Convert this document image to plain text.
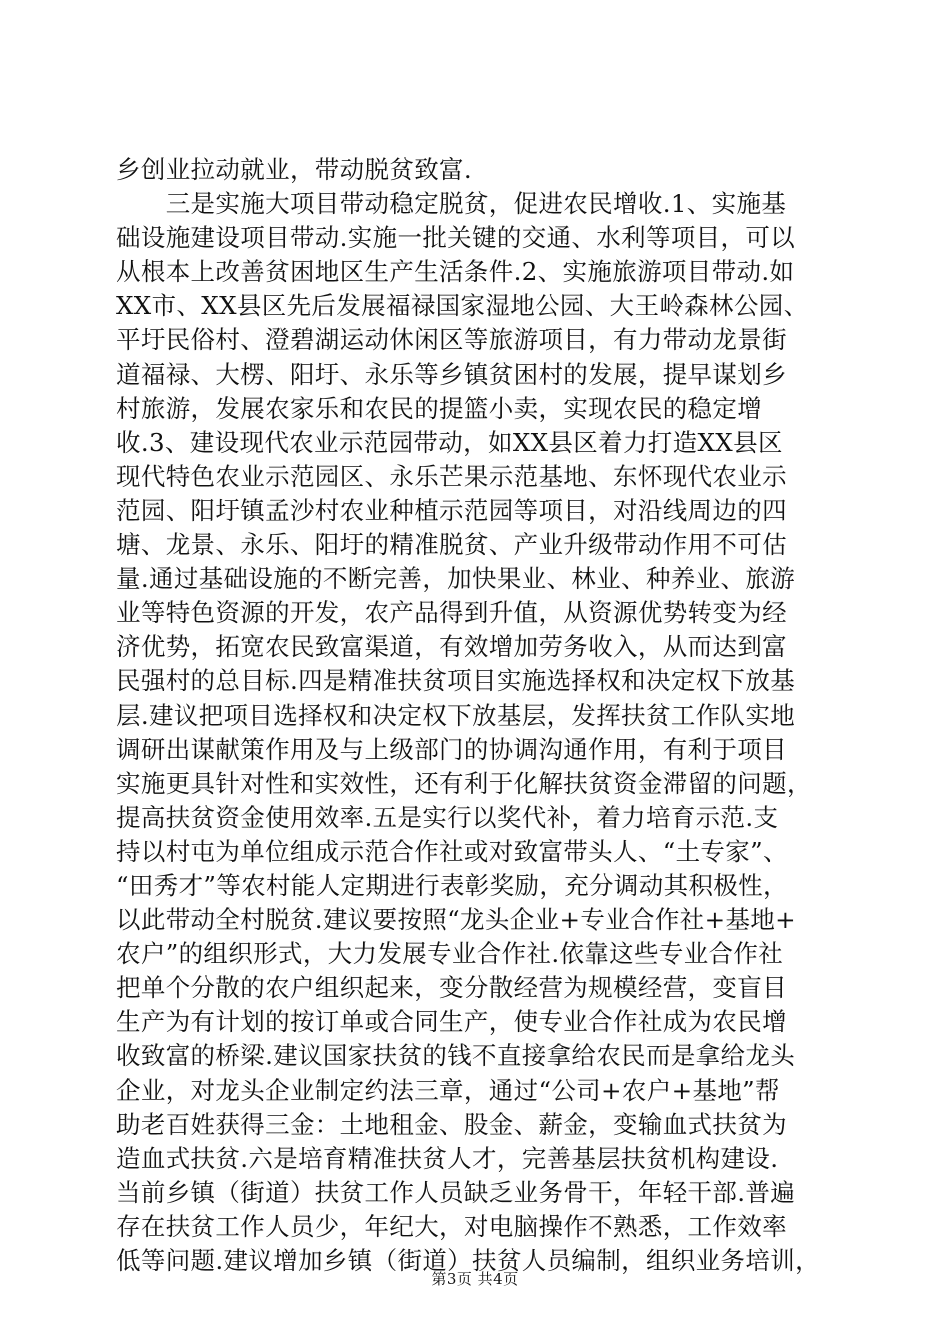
乡创业拉动就业，带动脱贫致富.
　　三是实施大项目带动稳定脱贫，促进农民增收.1、实施基
础设施建设项目带动.实施一批关键的交通、水利等项目，可以
从根本上改善贫困地区生产生活条件.2、实施旅游项目带动.如
XX市、XX县区先后发展福禄国家湿地公园、大王岭森林公园、
平圩民俗村、澄碧湖运动休闲区等旅游项目，有力带动龙景街
道福禄、大楞、阳圩、永乐等乡镇贫困村的发展，提早谋划乡
村旅游，发展农家乐和农民的提篮小卖，实现农民的稳定增
收.3、建设现代农业示范园带动，如XX县区着力打造XX县区
现代特色农业示范园区、永乐芒果示范基地、东怀现代农业示
范园、阳圩镇孟沙村农业种植示范园等项目，对沿线周边的四
塘、龙景、永乐、阳圩的精准脱贫、产业升级带动作用不可估
量.通过基础设施的不断完善，加快果业、林业、种养业、旅游
业等特色资源的开发，农产品得到升值，从资源优势转变为经
济优势，拓宽农民致富渠道，有效增加劳务收入，从而达到富
民强村的总目标.四是精准扶贫项目实施选择权和决定权下放基
层.建议把项目选择权和决定权下放基层，发挥扶贫工作队实地
调研出谋献策作用及与上级部门的协调沟通作用，有利于项目
实施更具针对性和实效性，还有利于化解扶贫资金滞留的问题，
提高扶贫资金使用效率.五是实行以奖代补，着力培育示范.支
持以村屯为单位组成示范合作社或对致富带头人、“土专家”、
“田秀才”等农村能人定期进行表彰奖励，充分调动其积极性，
以此带动全村脱贫.建议要按照“龙头企业+专业合作社+基地+
农户”的组织形式，大力发展专业合作社.依靠这些专业合作社
把单个分散的农户组织起来，变分散经营为规模经营，变盲目
生产为有计划的按订单或合同生产，使专业合作社成为农民增
收致富的桥梁.建议国家扶贫的钱不直接拿给农民而是拿给龙头
企业，对龙头企业制定约法三章，通过“公司+农户+基地”帮
助老百姓获得三金：土地租金、股金、薪金，变输血式扶贫为
造血式扶贫.六是培育精准扶贫人才，完善基层扶贫机构建设.
当前乡镇（街道）扶贫工作人员缺乏业务骨干，年轻干部.普遍
存在扶贫工作人员少，年纪大，对电脑操作不熟悉，工作效率
低等问题.建议增加乡镇（街道）扶贫人员编制，组织业务培训，
第3页 共4页
